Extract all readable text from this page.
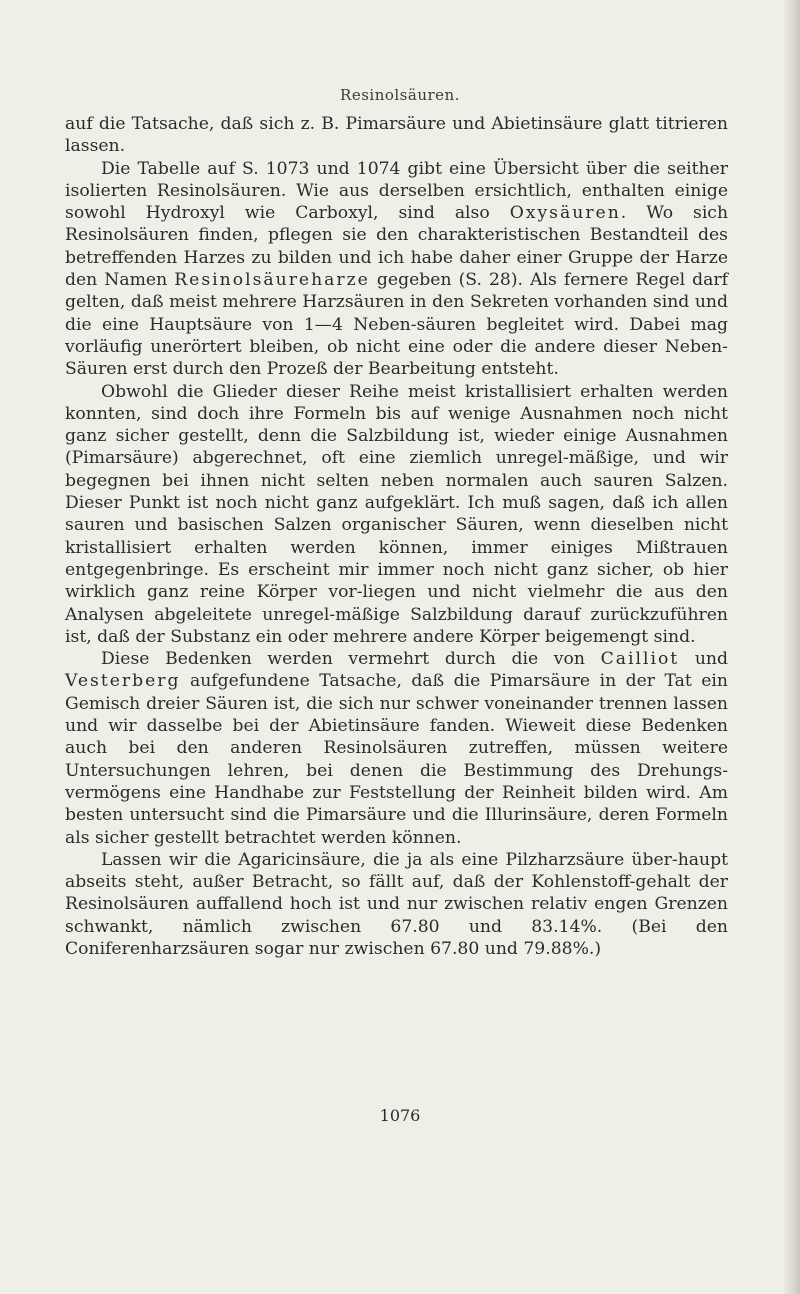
Resinolsäuren.

auf die Tatsache, daß sich z. B. Pimarsäure und Abietinsäure glatt titrieren lassen.

Die Tabelle auf S. 1073 und 1074 gibt eine Übersicht über die seither isolierten Resinolsäuren. Wie aus derselben ersichtlich, enthalten einige sowohl Hydroxyl wie Carboxyl, sind also Oxysäuren. Wo sich Resinolsäuren finden, pflegen sie den charakteristischen Bestandteil des betreffenden Harzes zu bilden und ich habe daher einer Gruppe der Harze den Namen Resinolsäureharze gegeben (S. 28). Als fernere Regel darf gelten, daß meist mehrere Harzsäuren in den Sekreten vorhanden sind und die eine Hauptsäure von 1—4 Neben-säuren begleitet wird. Dabei mag vorläufig unerörtert bleiben, ob nicht eine oder die andere dieser Neben-Säuren erst durch den Prozeß der Bearbeitung entsteht.

Obwohl die Glieder dieser Reihe meist kristallisiert erhalten werden konnten, sind doch ihre Formeln bis auf wenige Ausnahmen noch nicht ganz sicher gestellt, denn die Salzbildung ist, wieder einige Ausnahmen (Pimarsäure) abgerechnet, oft eine ziemlich unregel-mäßige, und wir begegnen bei ihnen nicht selten neben normalen auch sauren Salzen. Dieser Punkt ist noch nicht ganz aufgeklärt. Ich muß sagen, daß ich allen sauren und basischen Salzen organischer Säuren, wenn dieselben nicht kristallisiert erhalten werden können, immer einiges Mißtrauen entgegenbringe. Es erscheint mir immer noch nicht ganz sicher, ob hier wirklich ganz reine Körper vor-liegen und nicht vielmehr die aus den Analysen abgeleitete unregel-mäßige Salzbildung darauf zurückzuführen ist, daß der Substanz ein oder mehrere andere Körper beigemengt sind.

Diese Bedenken werden vermehrt durch die von Cailliot und Vesterberg aufgefundene Tatsache, daß die Pimarsäure in der Tat ein Gemisch dreier Säuren ist, die sich nur schwer voneinander trennen lassen und wir dasselbe bei der Abietinsäure fanden. Wieweit diese Bedenken auch bei den anderen Resinolsäuren zutreffen, müssen weitere Untersuchungen lehren, bei denen die Bestimmung des Drehungs-vermögens eine Handhabe zur Feststellung der Reinheit bilden wird. Am besten untersucht sind die Pimarsäure und die Illurinsäure, deren Formeln als sicher gestellt betrachtet werden können.

Lassen wir die Agaricinsäure, die ja als eine Pilzharzsäure über-haupt abseits steht, außer Betracht, so fällt auf, daß der Kohlenstoff-gehalt der Resinolsäuren auffallend hoch ist und nur zwischen relativ engen Grenzen schwankt, nämlich zwischen 67.80 und 83.14%. (Bei den Coniferenharzsäuren sogar nur zwischen 67.80 und 79.88%.)

1076
